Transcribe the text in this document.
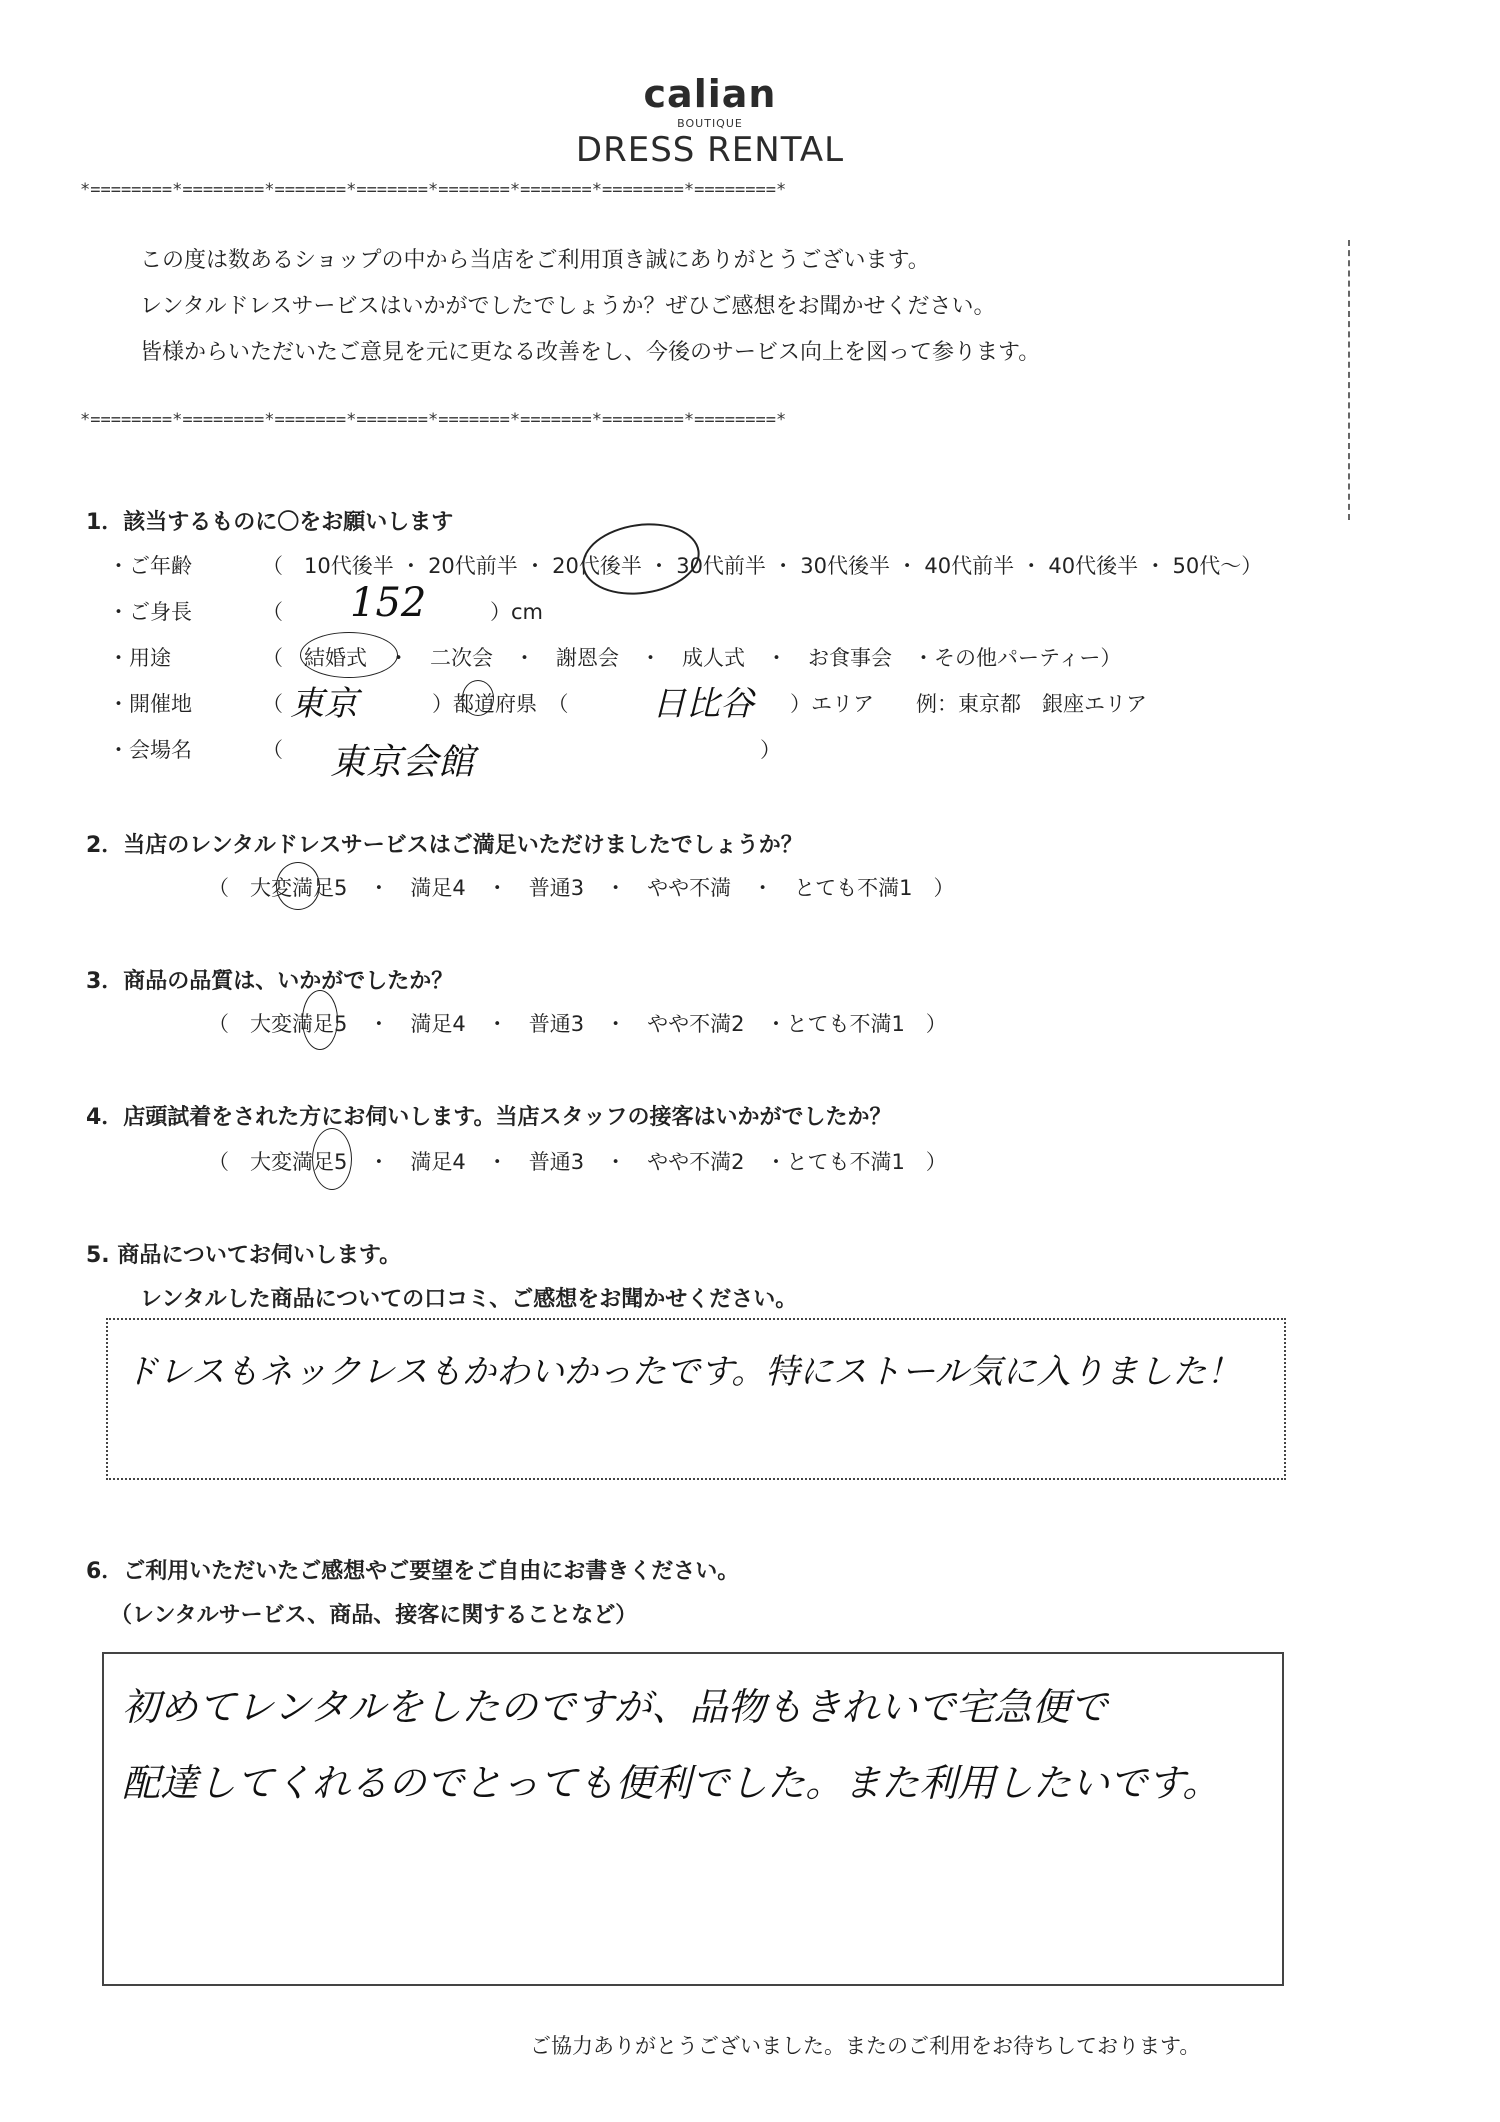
calian
BOUTIQUE
DRESS RENTAL
*========*========*=======*=======*=======*=======*========*========*
この度は数あるショップの中から当店をご利用頂き誠にありがとうございます。
レンタルドレスサービスはいかがでしたでしょうか？ぜひご感想をお聞かせください。
皆様からいただいたご意見を元に更なる改善をし、今後のサービス向上を図って参ります。
*========*========*=======*=======*=======*=======*========*========*
1．該当するものに〇をお願いします
・ご年齢	（　10代後半 ・ 20代前半 ・ 20代後半 ・ 30代前半 ・ 30代後半 ・ 40代前半 ・ 40代後半 ・ 50代～）
・ご身長	（ 152	）cm
・用途	（　結婚式　・　二次会　・　謝恩会　・　成人式　・　お食事会　・その他パーティー）
・開催地	（ 東京	）都道府県　（ 日比谷 ）エリア　　例：東京都　銀座エリア
・会場名	（ 東京会館	）
2．当店のレンタルドレスサービスはご満足いただけましたでしょうか？
（　大変満足5　・　満足4　・　普通3　・　やや不満　・　とても不満1　）
3．商品の品質は、いかがでしたか？
（　大変満足5　・　満足4　・　普通3　・　やや不満2　・とても不満1　）
4．店頭試着をされた方にお伺いします。当店スタッフの接客はいかがでしたか？
（　大変満足5　・　満足4　・　普通3　・　やや不満2　・とても不満1　）
5. 商品についてお伺いします。
レンタルした商品についての口コミ、ご感想をお聞かせください。
ドレスもネックレスもかわいかったです。特にストール気に入りました！
6．ご利用いただいたご感想やご要望をご自由にお書きください。
（レンタルサービス、商品、接客に関することなど）
初めてレンタルをしたのですが、品物もきれいで宅急便で
配達してくれるのでとっても便利でした。また利用したいです。
ご協力ありがとうございました。またのご利用をお待ちしております。
